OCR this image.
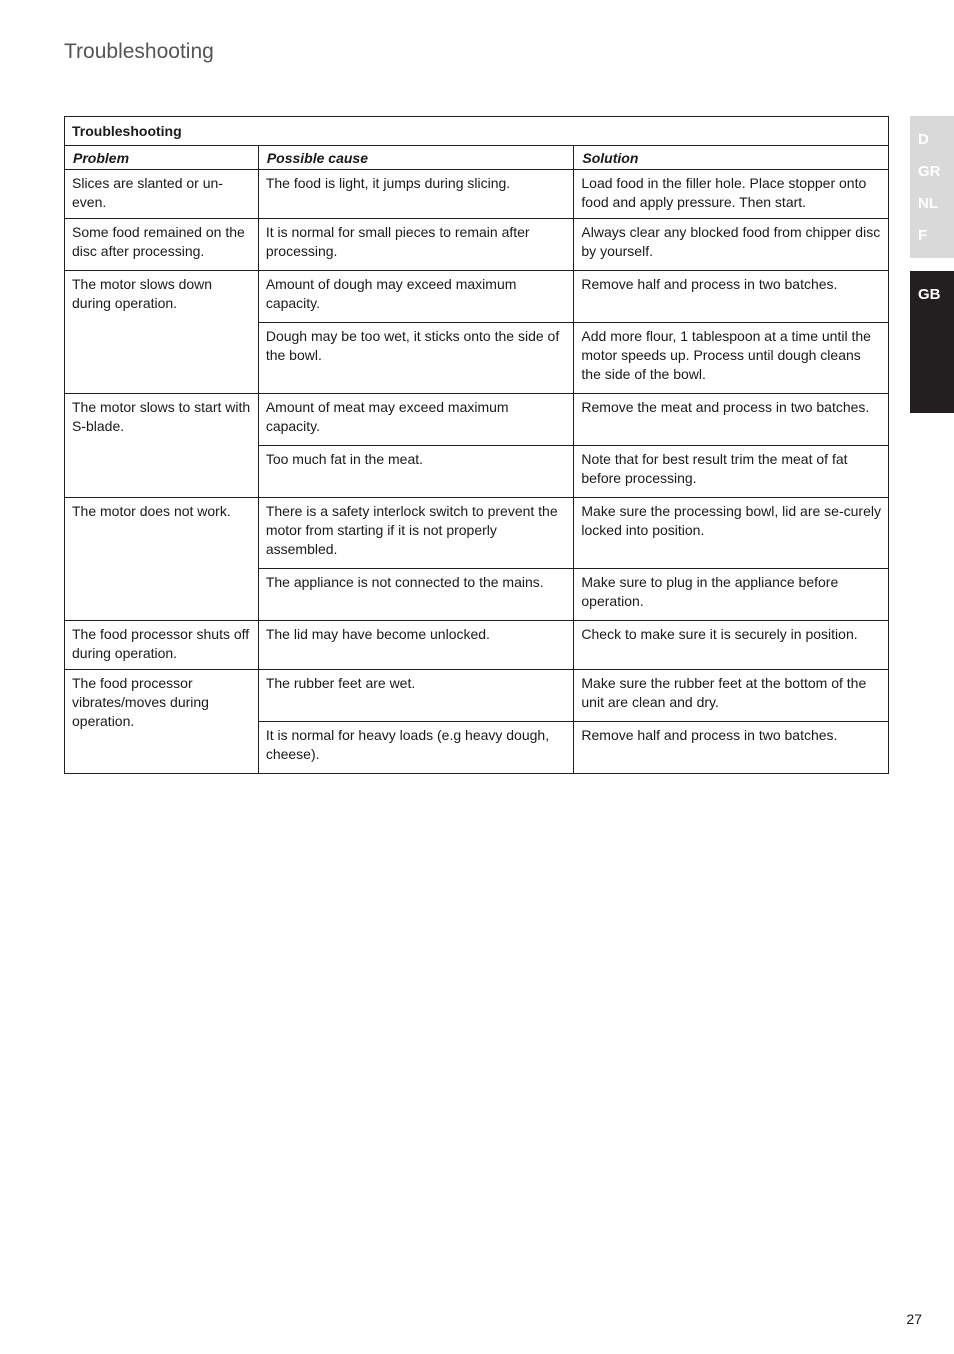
Troubleshooting
D
GR
NL
F
GB
Troubleshooting		
Problem	Possible cause	Solution
Slices are slanted or un-even.	The food is light, it jumps during slicing.	Load food in the filler hole. Place stopper onto food and apply pressure. Then start.
Some food remained on the disc after processing.	It is normal for small pieces to remain after processing.	Always clear any blocked food from chipper disc by yourself.
The motor slows down during operation.	Amount of dough may exceed maximum capacity.	Remove half and process in two batches.
	Dough may be too wet, it sticks onto the side of the bowl.	Add more flour, 1 tablespoon at a time until the motor speeds up. Process until dough cleans the side of the bowl.
The motor slows to start with S-blade.	Amount of meat may exceed maximum capacity.	Remove the meat and process in two batches.
	Too much fat in the meat.	Note that for best result trim the meat of fat before processing.
The motor does not work.	There is a safety interlock switch to prevent the motor from starting if it is not properly assembled.	Make sure the processing bowl, lid are se-curely locked into position.
	The appliance is not connected to the mains.	Make sure to plug in the appliance before operation.
The food processor shuts off during operation.	The lid may have become unlocked.	Check to make sure it is securely in position.
The food processor vibrates/moves during operation.	The rubber feet are wet.	Make sure the rubber feet at the bottom of the unit are clean and dry.
	It is normal for heavy loads (e.g heavy dough, cheese).	Remove half and process in two batches.
27
